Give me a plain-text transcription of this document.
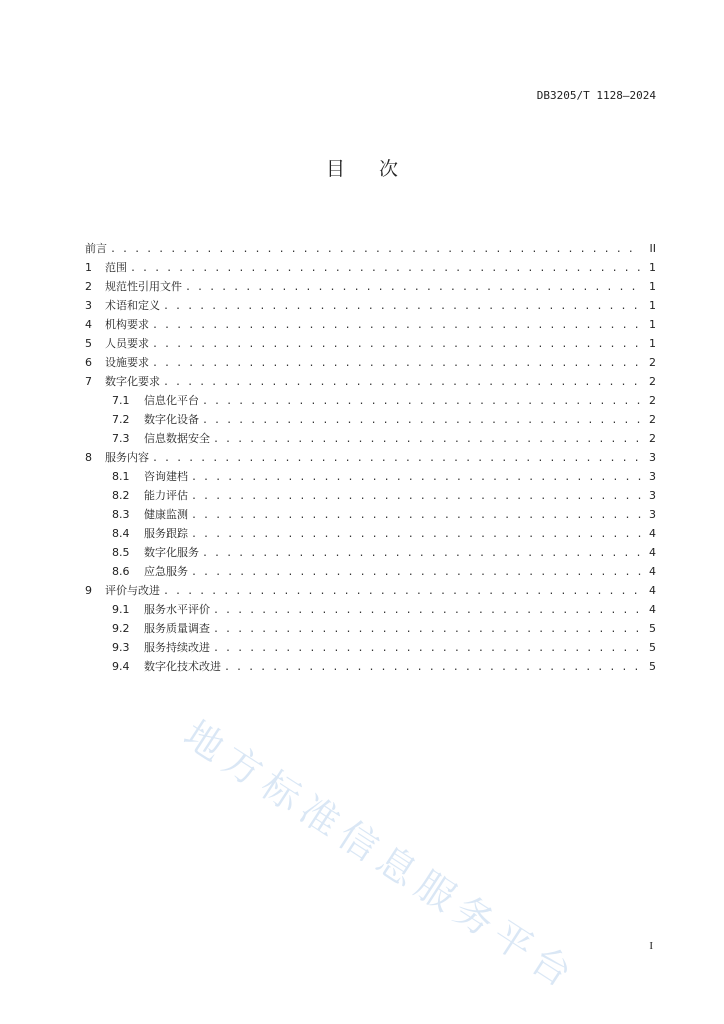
DB3205/T 1128—2024
目 次
前言 . . .	II
1	范围 . . .	1
2	规范性引用文件 . . .	1
3	术语和定义 . . .	1
4	机构要求 . . .	1
5	人员要求 . . .	1
6	设施要求 . . .	2
7	数字化要求 . . .	2
7.1	信息化平台 . . .	2
7.2	数字化设备 . . .	2
7.3	信息数据安全 . . .	2
8	服务内容 . . .	3
8.1	咨询建档 . . .	3
8.2	能力评估 . . .	3
8.3	健康监测 . . .	3
8.4	服务跟踪 . . .	4
8.5	数字化服务 . . .	4
8.6	应急服务 . . .	4
9	评价与改进 . . .	4
9.1	服务水平评价 . . .	4
9.2	服务质量调查 . . .	5
9.3	服务持续改进 . . .	5
9.4	数字化技术改进 . . .	5
地方标准信息服务平台	I
